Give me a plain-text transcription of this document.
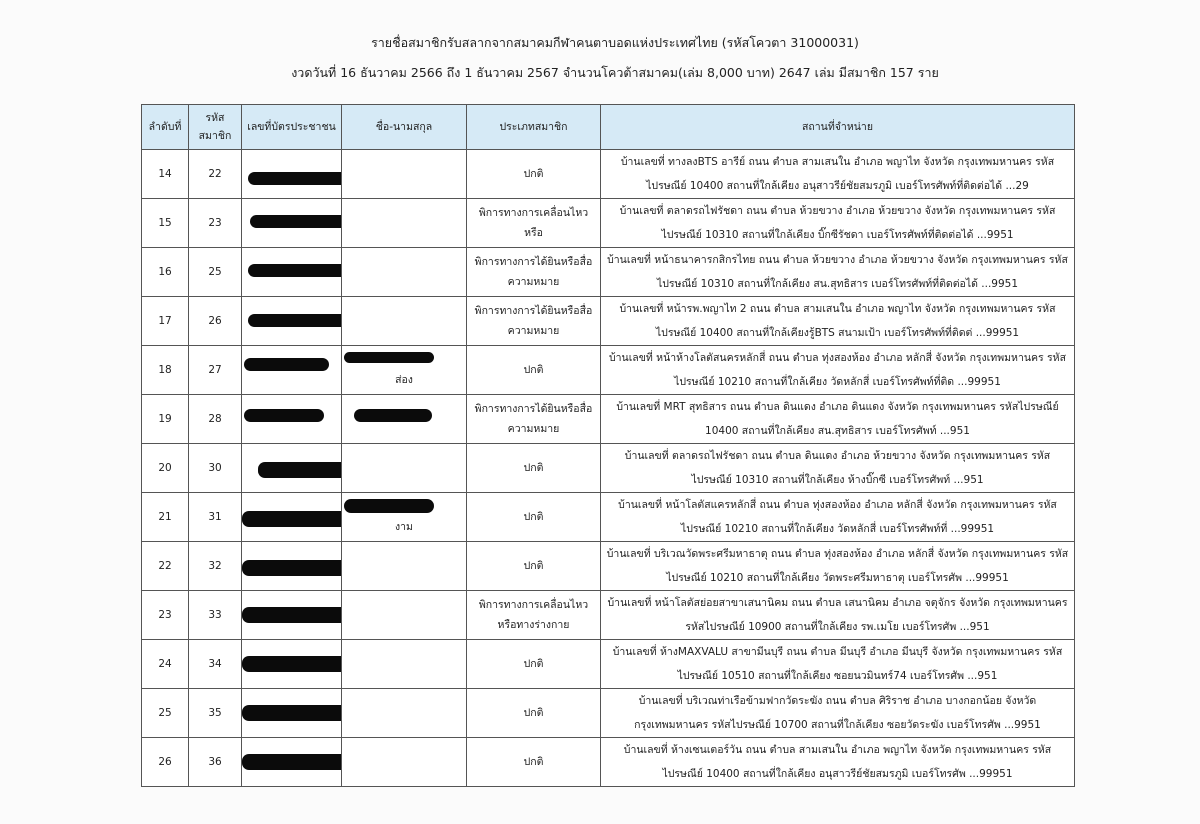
รายชื่อสมาชิกรับสลากจากสมาคมกีฬาคนตาบอดแห่งประเทศไทย (รหัสโควตา 31000031)
งวดวันที่ 16 ธันวาคม 2566 ถึง 1 ธันวาคม 2567 จำนวนโควต้าสมาคม(เล่ม 8,000 บาท) 2647 เล่ม มีสมาชิก 157 ราย
ลำดับที่	รหัสสมาชิก	เลขที่บัตรประชาชน	ชื่อ-นามสกุล	ประเภทสมาชิก	สถานที่จำหน่าย
14	22			ปกติ	บ้านเลขที่ ทางลงBTS อารีย์ ถนน ตำบล สามเสนใน อำเภอ พญาไท จังหวัด กรุงเทพมหานคร รหัสไปรษณีย์ 10400 สถานที่ใกล้เคียง อนุสาวรีย์ชัยสมรภูมิ เบอร์โทรศัพท์ที่ติดต่อได้ ...29
15	23			พิการทางการเคลื่อนไหว หรือ	บ้านเลขที่ ตลาดรถไฟรัชดา ถนน ตำบล ห้วยขวาง อำเภอ ห้วยขวาง จังหวัด กรุงเทพมหานคร รหัสไปรษณีย์ 10310 สถานที่ใกล้เคียง บิ๊กซีรัชดา เบอร์โทรศัพท์ที่ติดต่อได้ ...9951
16	25			พิการทางการได้ยินหรือสื่อความหมาย	บ้านเลขที่ หน้าธนาคารกสิกรไทย ถนน ตำบล ห้วยขวาง อำเภอ ห้วยขวาง จังหวัด กรุงเทพมหานคร รหัสไปรษณีย์ 10310 สถานที่ใกล้เคียง สน.สุทธิสาร เบอร์โทรศัพท์ที่ติดต่อได้ ...9951
17	26			พิการทางการได้ยินหรือสื่อความหมาย	บ้านเลขที่ หน้ารพ.พญาไท 2 ถนน ตำบล สามเสนใน อำเภอ พญาไท จังหวัด กรุงเทพมหานคร รหัสไปรษณีย์ 10400 สถานที่ใกล้เคียงรู้BTS สนามเป้า เบอร์โทรศัพท์ที่ติดต่ ...99951
18	27		ส่อง	ปกติ	บ้านเลขที่ หน้าห้างโลตัสนครหลักสี่ ถนน ตำบล ทุ่งสองห้อง อำเภอ หลักสี่ จังหวัด กรุงเทพมหานคร รหัสไปรษณีย์ 10210 สถานที่ใกล้เคียง วัดหลักสี่ เบอร์โทรศัพท์ที่ติด ...99951
19	28			พิการทางการได้ยินหรือสื่อความหมาย	บ้านเลขที่ MRT สุทธิสาร ถนน ตำบล ดินแดง อำเภอ ดินแดง จังหวัด กรุงเทพมหานคร รหัสไปรษณีย์ 10400 สถานที่ใกล้เคียง สน.สุทธิสาร เบอร์โทรศัพท์ ...951
20	30			ปกติ	บ้านเลขที่ ตลาดรถไฟรัชดา ถนน ตำบล ดินแดง อำเภอ ห้วยขวาง จังหวัด กรุงเทพมหานคร รหัสไปรษณีย์ 10310 สถานที่ใกล้เคียง ห้างบิ๊กซี เบอร์โทรศัพท์ ...951
21	31		งาม	ปกติ	บ้านเลขที่ หน้าโลตัสแครหลักสี่ ถนน ตำบล ทุ่งสองห้อง อำเภอ หลักสี่ จังหวัด กรุงเทพมหานคร รหัสไปรษณีย์ 10210 สถานที่ใกล้เคียง วัดหลักสี่ เบอร์โทรศัพท์ที่ ...99951
22	32			ปกติ	บ้านเลขที่ บริเวณวัดพระศรีมหาธาตุ ถนน ตำบล ทุ่งสองห้อง อำเภอ หลักสี่ จังหวัด กรุงเทพมหานคร รหัสไปรษณีย์ 10210 สถานที่ใกล้เคียง วัดพระศรีมหาธาตุ เบอร์โทรศัพ ...99951
23	33			พิการทางการเคลื่อนไหวหรือทางร่างกาย	บ้านเลขที่ หน้าโลตัสย่อยสาขาเสนานิคม ถนน ตำบล เสนานิคม อำเภอ จตุจักร จังหวัด กรุงเทพมหานคร รหัสไปรษณีย์ 10900 สถานที่ใกล้เคียง รพ.เมโย เบอร์โทรศัพ ...951
24	34			ปกติ	บ้านเลขที่ ห้างMAXVALU สาขามีนบุรี ถนน ตำบล มีนบุรี อำเภอ มีนบุรี จังหวัด กรุงเทพมหานคร รหัสไปรษณีย์ 10510 สถานที่ใกล้เคียง ซอยนวมินทร์74 เบอร์โทรศัพ ...951
25	35			ปกติ	บ้านเลขที่ บริเวณท่าเรือข้ามฟากวัดระฆัง ถนน ตำบล ศิริราช อำเภอ บางกอกน้อย จังหวัด กรุงเทพมหานคร รหัสไปรษณีย์ 10700 สถานที่ใกล้เคียง ซอยวัดระฆัง เบอร์โทรศัพ ...9951
26	36			ปกติ	บ้านเลขที่ ห้างเซนเตอร์วัน ถนน ตำบล สามเสนใน อำเภอ พญาไท จังหวัด กรุงเทพมหานคร รหัสไปรษณีย์ 10400 สถานที่ใกล้เคียง อนุสาวรีย์ชัยสมรภูมิ เบอร์โทรศัพ ...99951
